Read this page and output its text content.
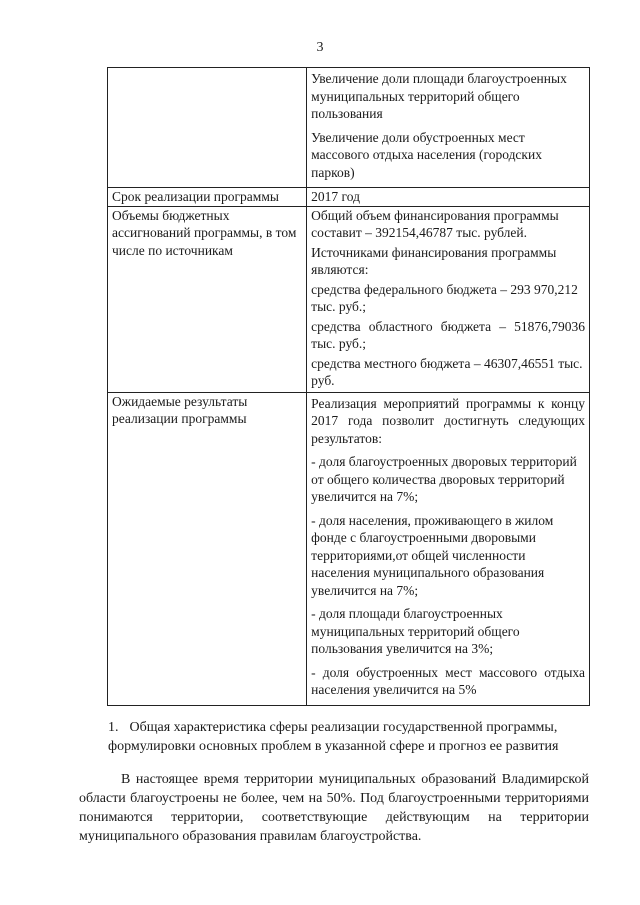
3

	Увеличение доли площади благоустроенных муниципальных территорий общего пользования
Увеличение доли обустроенных мест массового отдыха населения (городских парков)

Срок реализации программы	2017 год
Объемы бюджетных ассигнований программы, в том числе по источникам	Общий объем финансирования программы составит – 392154,46787 тыс. рублей.
Источниками финансирования программы являются:
средства федерального бюджета – 293 970,212 тыс. руб.;
средства областного бюджета – 51876,79036 тыс. руб.;
средства местного бюджета – 46307,46551 тыс. руб.

Ожидаемые результаты реализации программы	Реализация мероприятий программы к концу 2017 года позволит достигнуть следующих результатов:
- доля благоустроенных дворовых территорий от общего количества дворовых территорий увеличится на 7%;
- доля населения, проживающего в жилом фонде с благоустроенными дворовыми территориями,от общей численности населения муниципального образования увеличится на 7%;
- доля площади благоустроенных муниципальных территорий общего пользования увеличится на 3%;
- доля обустроенных мест массового отдыха населения увеличится на 5%
1. Общая характеристика сферы реализации государственной программы, формулировки основных проблем в указанной сфере и прогноз ее развития
В настоящее время территории муниципальных образований Владимирской области благоустроены не более, чем на 50%. Под благоустроенными территориями понимаются территории, соответствующие действующим на территории муниципального образования правилам благоустройства.
